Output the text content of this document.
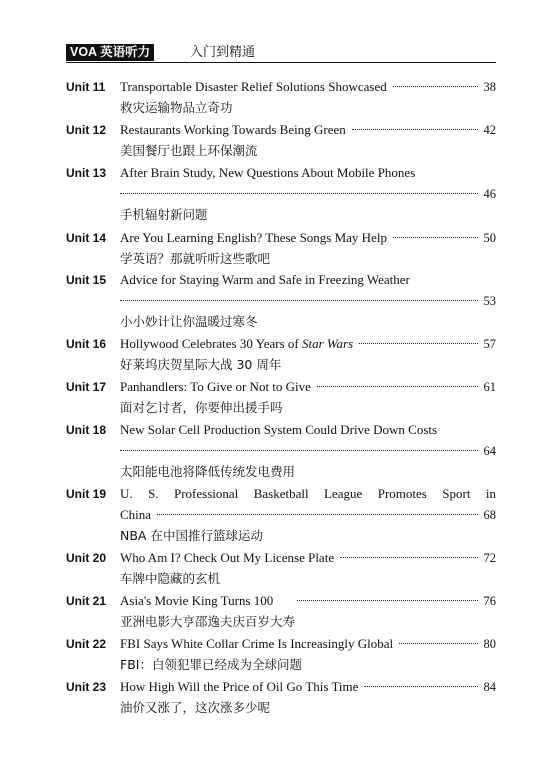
VOA 英语听力	入门到精通
Unit 11 Transportable Disaster Relief Solutions Showcased	38
救灾运输物品立奇功
Unit 12 Restaurants Working Towards Being Green	42
美国餐厅也跟上环保潮流
Unit 13 After Brain Study, New Questions About Mobile Phones
46
手机辐射新问题
Unit 14 Are You Learning English? These Songs May Help	50
学英语？那就听听这些歌吧
Unit 15 Advice for Staying Warm and Safe in Freezing Weather
53
小小妙计让你温暖过寒冬
Unit 16 Hollywood Celebrates 30 Years of Star Wars	57
好莱坞庆贺星际大战 30 周年
Unit 17 Panhandlers: To Give or Not to Give	61
面对乞讨者，你要伸出援手吗
Unit 18 New Solar Cell Production System Could Drive Down Costs
64
太阳能电池将降低传统发电费用
Unit 19 U. S. Professional Basketball League Promotes Sport in
China	68
NBA 在中国推行篮球运动
Unit 20 Who Am I? Check Out My License Plate	72
车牌中隐藏的玄机
Unit 21 Asia's Movie King Turns 100	76
亚洲电影大亨邵逸夫庆百岁大寿
Unit 22 FBI Says White Collar Crime Is Increasingly Global	80
FBI：白领犯罪已经成为全球问题
Unit 23 How High Will the Price of Oil Go This Time	84
油价又涨了，这次涨多少呢
